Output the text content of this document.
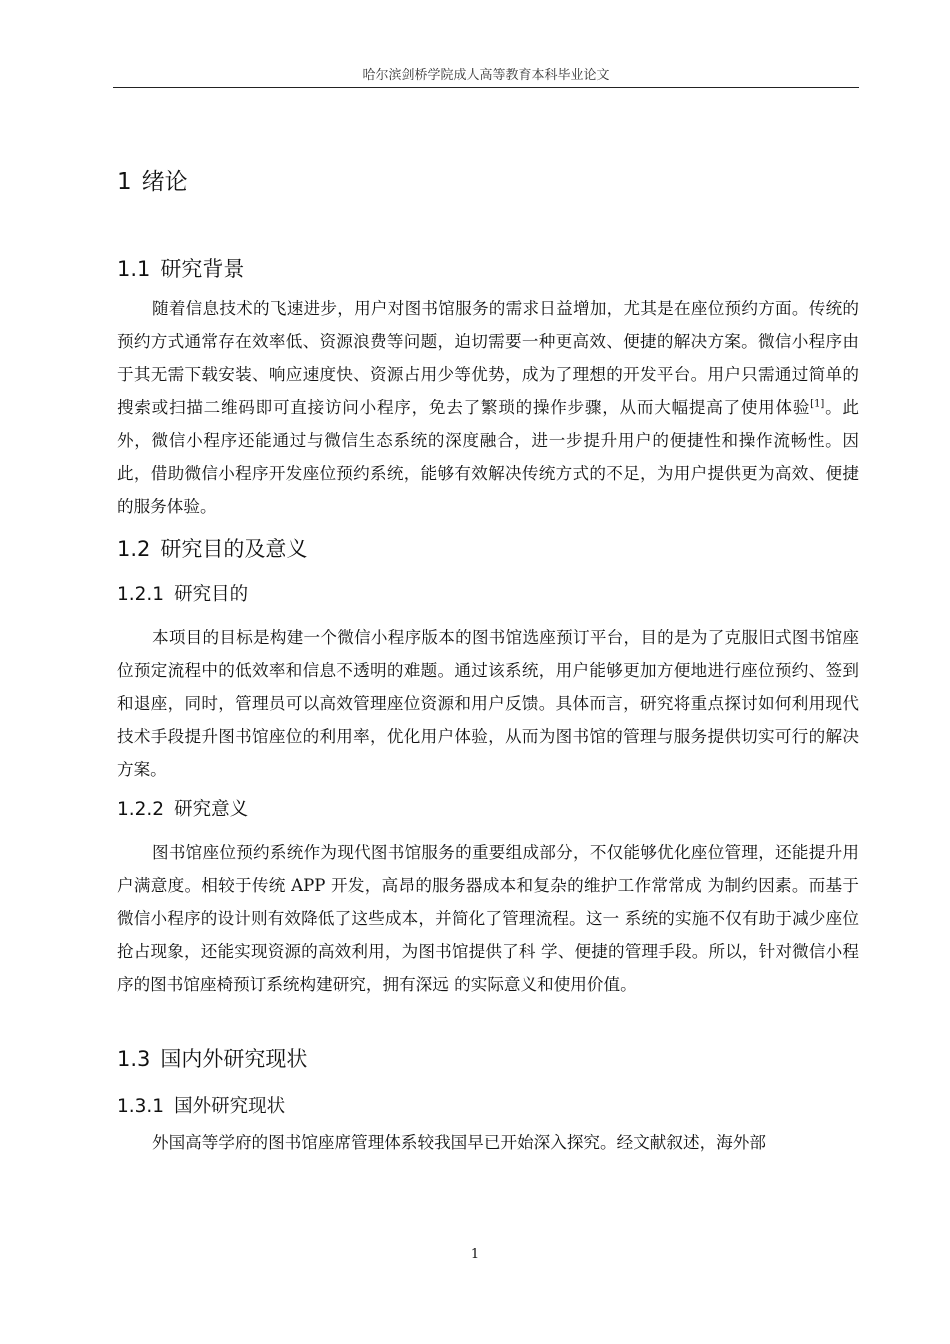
哈尔滨剑桥学院成人高等教育本科毕业论文
1 绪论
1.1 研究背景

随着信息技术的飞速进步，用户对图书馆服务的需求日益增加，尤其是在座位预约方面。传统的预约方式通常存在效率低、资源浪费等问题，迫切需要一种更高效、便捷的解决方案。微信小程序由于其无需下载安装、响应速度快、资源占用少等优势，成为了理想的开发平台。用户只需通过简单的搜索或扫描二维码即可直接访问小程序，免去了繁琐的操作步骤，从而大幅提高了使用体验[1]。此外，微信小程序还能通过与微信生态系统的深度融合，进一步提升用户的便捷性和操作流畅性。因此，借助微信小程序开发座位预约系统，能够有效解决传统方式的不足，为用户提供更为高效、便捷的服务体验。

1.2 研究目的及意义
1.2.1 研究目的

本项目的目标是构建一个微信小程序版本的图书馆选座预订平台，目的是为了克服旧式图书馆座位预定流程中的低效率和信息不透明的难题。通过该系统，用户能够更加方便地进行座位预约、签到和退座，同时，管理员可以高效管理座位资源和用户反馈。具体而言，研究将重点探讨如何利用现代技术手段提升图书馆座位的利用率，优化用户体验，从而为图书馆的管理与服务提供切实可行的解决方案。

1.2.2 研究意义

图书馆座位预约系统作为现代图书馆服务的重要组成部分，不仅能够优化座位管理，还能提升用户满意度。相较于传统 APP 开发，高昂的服务器成本和复杂的维护工作常常成 为制约因素。而基于微信小程序的设计则有效降低了这些成本，并简化了管理流程。这一 系统的实施不仅有助于减少座位抢占现象，还能实现资源的高效利用，为图书馆提供了科 学、便捷的管理手段。所以，针对微信小程序的图书馆座椅预订系统构建研究，拥有深远 的实际意义和使用价值。

1.3 国内外研究现状
1.3.1 国外研究现状

外国高等学府的图书馆座席管理体系较我国早已开始深入探究。经文献叙述，海外部

1
